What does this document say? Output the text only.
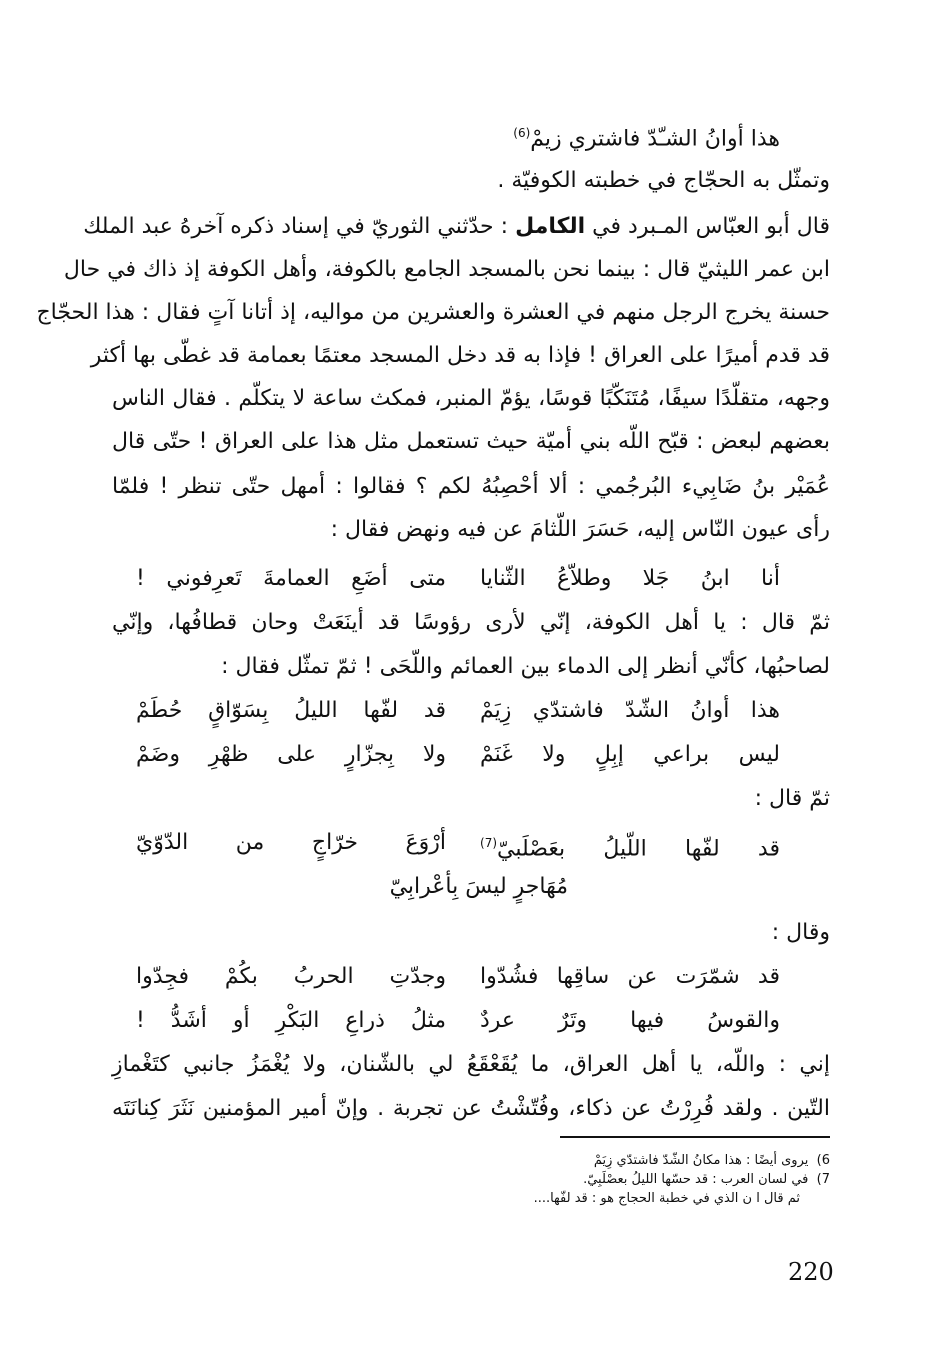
هذا أوانُ الشـّدّ فاشتري زيمْ$^{(6)}$
وتمثّل به الحجّاج في خطبته الكوفيّة .
قال أبو العبّاس المـبرد في الكامل : حدّثني الثوريّ في إسناد ذكره آخرهُ عبد الملك
ابن عمر الليثيّ قال : بينما نحن بالمسجد الجامع بالكوفة، وأهل الكوفة إذ ذاك في حال
حسنة يخرج الرجل منهم في العشرة والعشرين من مواليه، إذ أتانا آتٍ فقال : هذا الحجّاج
قد قدم أميرًا على العراق ! فإذا به قد دخل المسجد معتمًا بعمامة قد غطّى بها أكثر
وجهه، متقلّدًا سيفًا، مُتَنَكّبًا قوسًا، يؤمّ المنبر، فمكث ساعة لا يتكلّم . فقال الناس
بعضهم لبعض : قبّح اللّه بني أميّة حيث تستعمل مثل هذا على العراق ! حتّى قال
عُمَيْر بنُ ضَابِيء البُرجُمي : ألا أحْصِبُهُ لكم ؟ فقالوا : أمهل حتّى تنظر ! فلمّا
رأى عيون النّاس إليه، حَسَرَ اللّثامَ عن فيه ونهض فقال :
أنا ابنُ جَلا وطلاّعُ الثّنايا
متى أضَعِ العمامةَ تَعرِفوني !
ثمّ قال : يا أهل الكوفة، إنّي لأرى رؤوسًا قد أينَعَتْ وحان قطافُها، وإنّي
لصاحبُها، كأنّي أنظر إلى الدماء بين العمائم واللّحَى ! ثمّ تمثّل فقال :
هذا أوانُ الشّدّ فاشتدّي زِيَمْ
قد لفّها الليلُ بِسَوّاقٍ حُطَمْ
ليس براعي إبِلٍ ولا غَنَمْ
ولا بِجزّارٍ على ظهْرِ وضَمْ
ثمّ قال :
قد لفّها اللّيلُ بعَصْلَبيّ$^{(7)}$
أرْوَعَ خرّاجٍ من الدّوّيّ
مُهَاجرٍ ليسَ بِأعْرابِيّ
وقال :
قد شمّرَت عن ساقِها فشُدّوا
وجدّتِ الحربُ بكُمْ فجِدّوا
والقوسُ فيها وتَرٌ عردٌ
مثلُ ذراعِ البَكْرِ أو أشَدُّ !
إني : واللّه، يا أهل العراق، ما يُقَعْقَعُ لي بالشّنان، ولا يُغْمَزُ جانبي كتَغْمازِ
التّين . ولقد فُرِرْتُ عن ذكاء، وفُتّشْتُ عن تجربة . وإنّ أمير المؤمنين نَثَرَ كِنانَتَه
6)  يروى أيضًا : هذا مكانُ الشّدّ فاشتدّي زِيَمْ
7)  في لسان العرب : قد حسّها الليلُ بعصْلَبِيّ.
ثم قال ا ن الذي في خطبة الحجاج هو : قد لفّها....
220
